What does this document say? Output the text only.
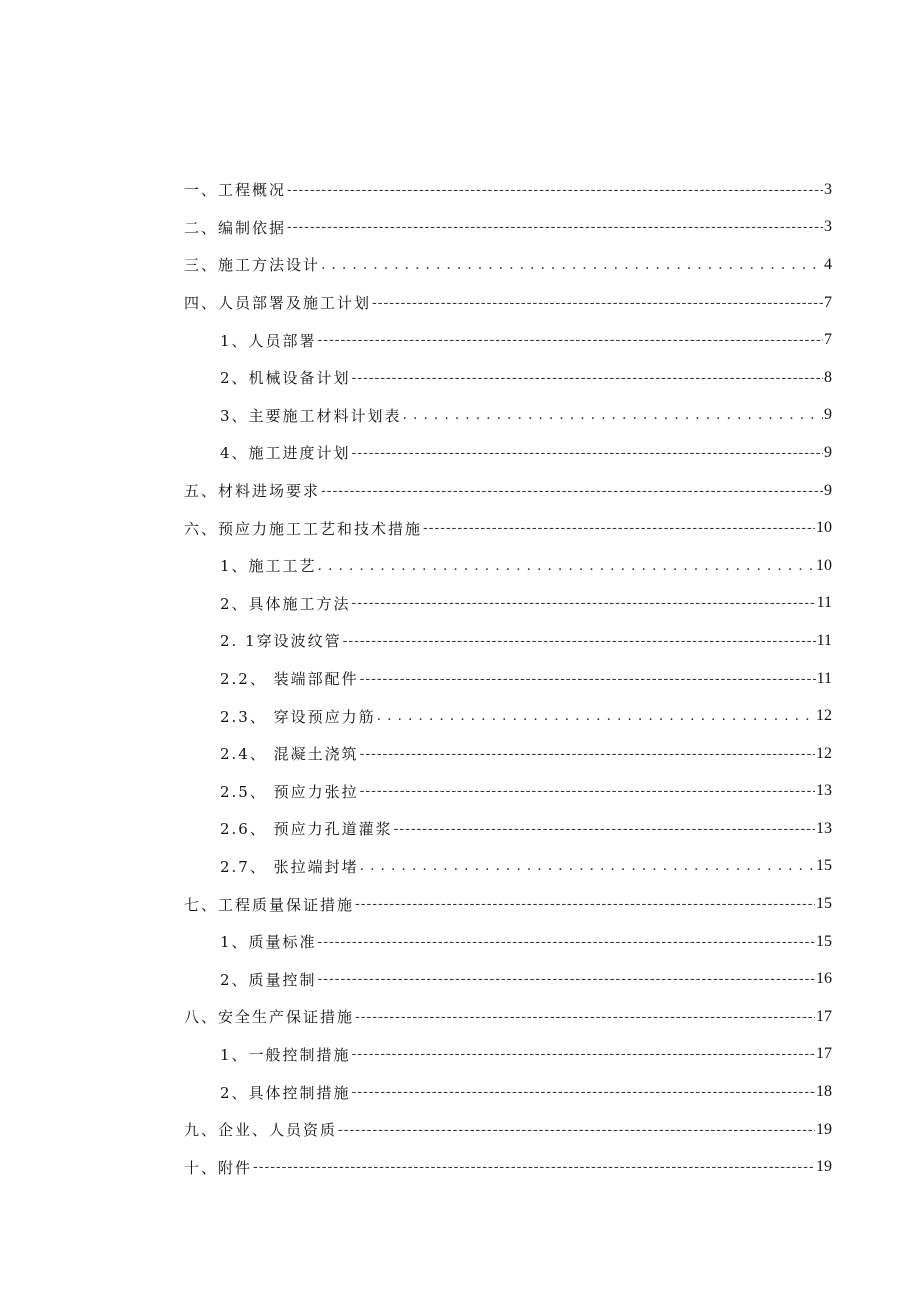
一、工程概况 -----	3
二、编制依据 -----	3
三、施工方法设计 .....	4
四、人员部署及施工计划 -----	7
1、人员部署 -----	7
2、机械设备计划 -----	8
3、主要施工材料计划表 .....	9
4、施工进度计划 -----	9
五、材料进场要求 -----	9
六、预应力施工工艺和技术措施 -----	10
1、施工工艺 .....	10
2、具体施工方法 -----	11
2. 1穿设波纹管 -----	11
2.2、 装端部配件 -----	11
2.3、 穿设预应力筋 .....	12
2.4、 混凝土浇筑 -----	12
2.5、 预应力张拉 -----	13
2.6、 预应力孔道灌浆 -----	13
2.7、 张拉端封堵 .....	15
七、工程质量保证措施 -----	15
1、质量标准 -----	15
2、质量控制 -----	16
八、安全生产保证措施 -----	17
1、一般控制措施 -----	17
2、具体控制措施 -----	18
九、企业、人员资质 -----	19
十、附件 -----	19
